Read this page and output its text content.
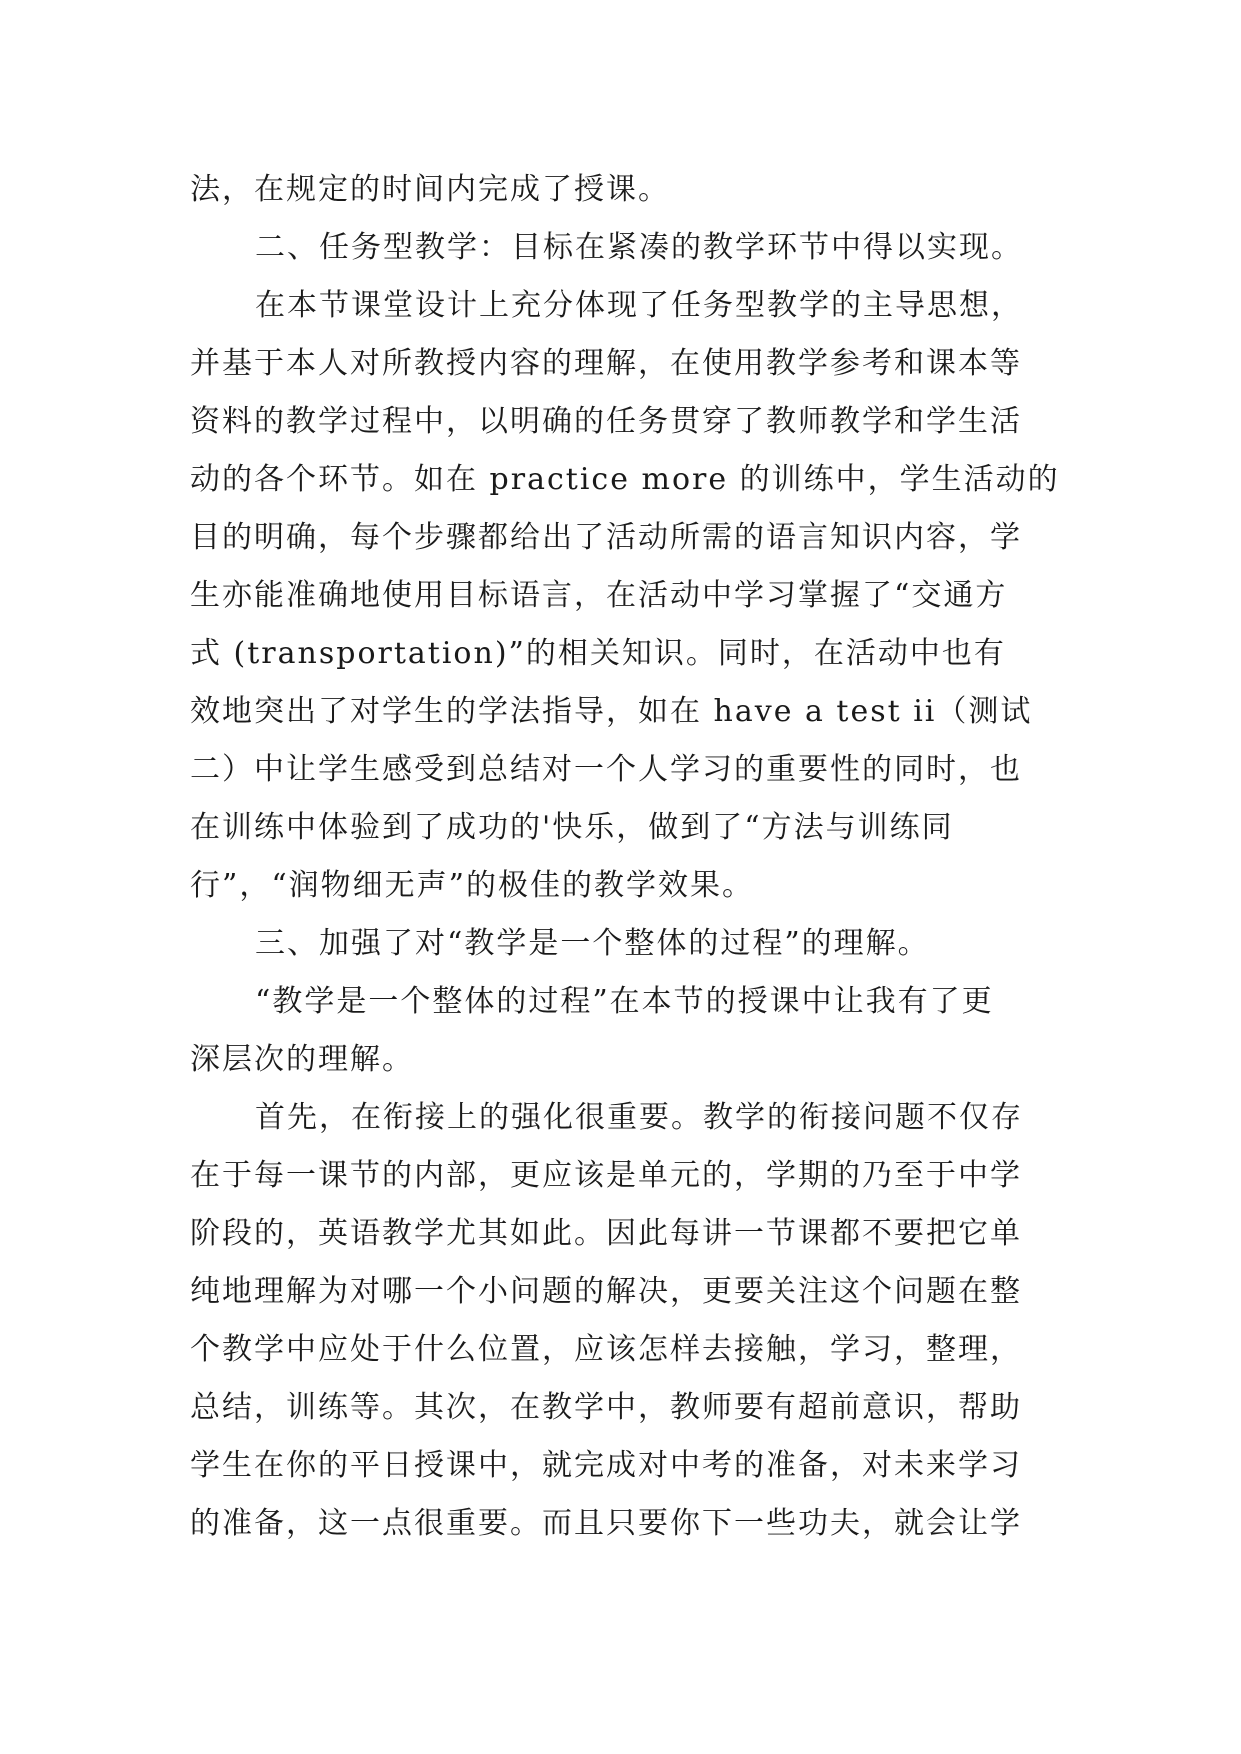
法，在规定的时间内完成了授课。
二、任务型教学：目标在紧凑的教学环节中得以实现。
在本节课堂设计上充分体现了任务型教学的主导思想，
并基于本人对所教授内容的理解，在使用教学参考和课本等
资料的教学过程中，以明确的任务贯穿了教师教学和学生活
动的各个环节。如在 practice more 的训练中，学生活动的
目的明确，每个步骤都给出了活动所需的语言知识内容，学
生亦能准确地使用目标语言，在活动中学习掌握了“交通方
式 (transportation)”的相关知识。同时，在活动中也有
效地突出了对学生的学法指导，如在 have a test ii（测试
二）中让学生感受到总结对一个人学习的重要性的同时，也
在训练中体验到了成功的'快乐，做到了“方法与训练同
行”，“润物细无声”的极佳的教学效果。
三、加强了对“教学是一个整体的过程”的理解。
“教学是一个整体的过程”在本节的授课中让我有了更
深层次的理解。
首先，在衔接上的强化很重要。教学的衔接问题不仅存
在于每一课节的内部，更应该是单元的，学期的乃至于中学
阶段的，英语教学尤其如此。因此每讲一节课都不要把它单
纯地理解为对哪一个小问题的解决，更要关注这个问题在整
个教学中应处于什么位置，应该怎样去接触，学习，整理，
总结，训练等。其次，在教学中，教师要有超前意识，帮助
学生在你的平日授课中，就完成对中考的准备，对未来学习
的准备，这一点很重要。而且只要你下一些功夫，就会让学
